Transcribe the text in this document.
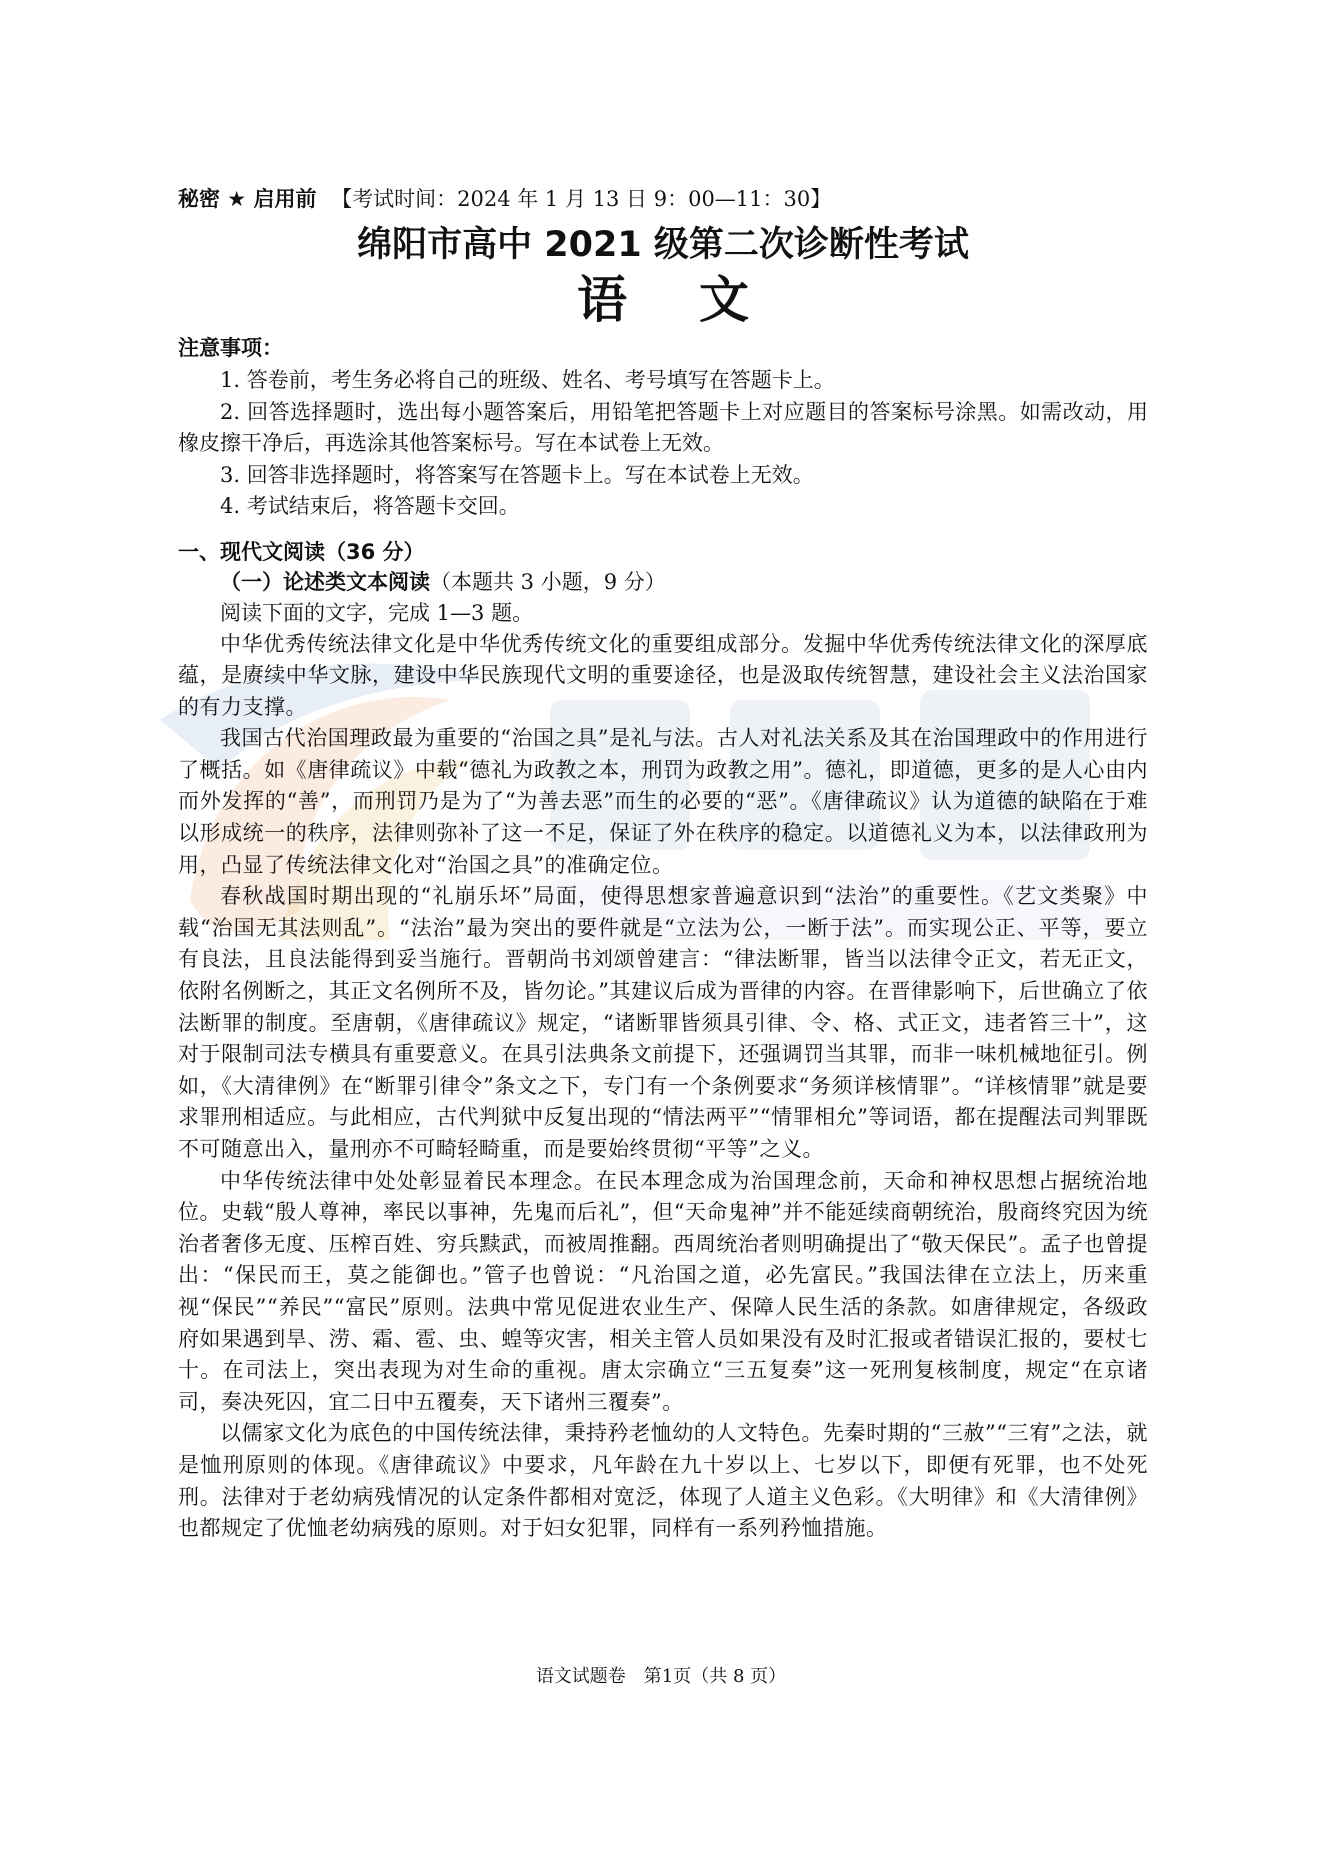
秘密 ★ 启用前 【考试时间：2024 年 1 月 13 日 9：00—11：30】
绵阳市高中 2021 级第二次诊断性考试
语文
注意事项：
1. 答卷前，考生务必将自己的班级、姓名、考号填写在答题卡上。
2. 回答选择题时，选出每小题答案后，用铅笔把答题卡上对应题目的答案标号涂黑。如需改动，用橡皮擦干净后，再选涂其他答案标号。写在本试卷上无效。
3. 回答非选择题时，将答案写在答题卡上。写在本试卷上无效。
4. 考试结束后，将答题卡交回。
一、现代文阅读（36 分）
（一）论述类文本阅读（本题共 3 小题，9 分）
阅读下面的文字，完成 1—3 题。
中华优秀传统法律文化是中华优秀传统文化的重要组成部分。发掘中华优秀传统法律文化的深厚底蕴，是赓续中华文脉，建设中华民族现代文明的重要途径，也是汲取传统智慧，建设社会主义法治国家的有力支撑。
我国古代治国理政最为重要的“治国之具”是礼与法。古人对礼法关系及其在治国理政中的作用进行了概括。如《唐律疏议》中载“德礼为政教之本，刑罚为政教之用”。德礼，即道德，更多的是人心由内而外发挥的“善”，而刑罚乃是为了“为善去恶”而生的必要的“恶”。《唐律疏议》认为道德的缺陷在于难以形成统一的秩序，法律则弥补了这一不足，保证了外在秩序的稳定。以道德礼义为本，以法律政刑为用，凸显了传统法律文化对“治国之具”的准确定位。
春秋战国时期出现的“礼崩乐坏”局面，使得思想家普遍意识到“法治”的重要性。《艺文类聚》中载“治国无其法则乱”。“法治”最为突出的要件就是“立法为公，一断于法”。而实现公正、平等，要立有良法，且良法能得到妥当施行。晋朝尚书刘颂曾建言：“律法断罪，皆当以法律令正文，若无正文，依附名例断之，其正文名例所不及，皆勿论。”其建议后成为晋律的内容。在晋律影响下，后世确立了依法断罪的制度。至唐朝，《唐律疏议》规定，“诸断罪皆须具引律、令、格、式正文，违者笞三十”，这对于限制司法专横具有重要意义。在具引法典条文前提下，还强调罚当其罪，而非一味机械地征引。例如，《大清律例》在“断罪引律令”条文之下，专门有一个条例要求“务须详核情罪”。“详核情罪”就是要求罪刑相适应。与此相应，古代判狱中反复出现的“情法两平”“情罪相允”等词语，都在提醒法司判罪既不可随意出入，量刑亦不可畸轻畸重，而是要始终贯彻“平等”之义。
中华传统法律中处处彰显着民本理念。在民本理念成为治国理念前，天命和神权思想占据统治地位。史载“殷人尊神，率民以事神，先鬼而后礼”，但“天命鬼神”并不能延续商朝统治，殷商终究因为统治者奢侈无度、压榨百姓、穷兵黩武，而被周推翻。西周统治者则明确提出了“敬天保民”。孟子也曾提出：“保民而王，莫之能御也。”管子也曾说：“凡治国之道，必先富民。”我国法律在立法上，历来重视“保民”“养民”“富民”原则。法典中常见促进农业生产、保障人民生活的条款。如唐律规定，各级政府如果遇到旱、涝、霜、雹、虫、蝗等灾害，相关主管人员如果没有及时汇报或者错误汇报的，要杖七十。在司法上，突出表现为对生命的重视。唐太宗确立“三五复奏”这一死刑复核制度，规定“在京诸司，奏决死囚，宜二日中五覆奏，天下诸州三覆奏”。
以儒家文化为底色的中国传统法律，秉持矜老恤幼的人文特色。先秦时期的“三赦”“三宥”之法，就是恤刑原则的体现。《唐律疏议》中要求，凡年龄在九十岁以上、七岁以下，即便有死罪，也不处死刑。法律对于老幼病残情况的认定条件都相对宽泛，体现了人道主义色彩。《大明律》和《大清律例》也都规定了优恤老幼病残的原则。对于妇女犯罪，同样有一系列矜恤措施。
语文试题卷　第1页（共 8 页）
